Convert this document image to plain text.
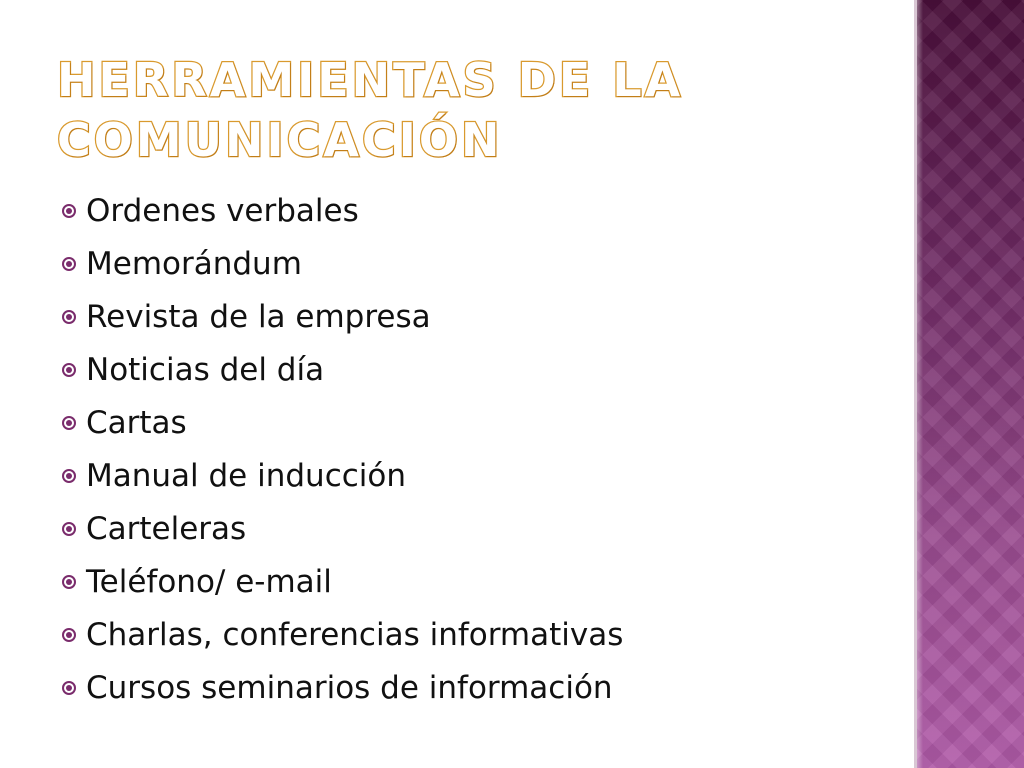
HERRAMIENTAS DE LA
COMUNICACIÓN
Ordenes verbales
Memorándum
Revista de la empresa
Noticias del día
Cartas
Manual de inducción
Carteleras
Teléfono/ e-mail
Charlas, conferencias informativas
Cursos seminarios de información
